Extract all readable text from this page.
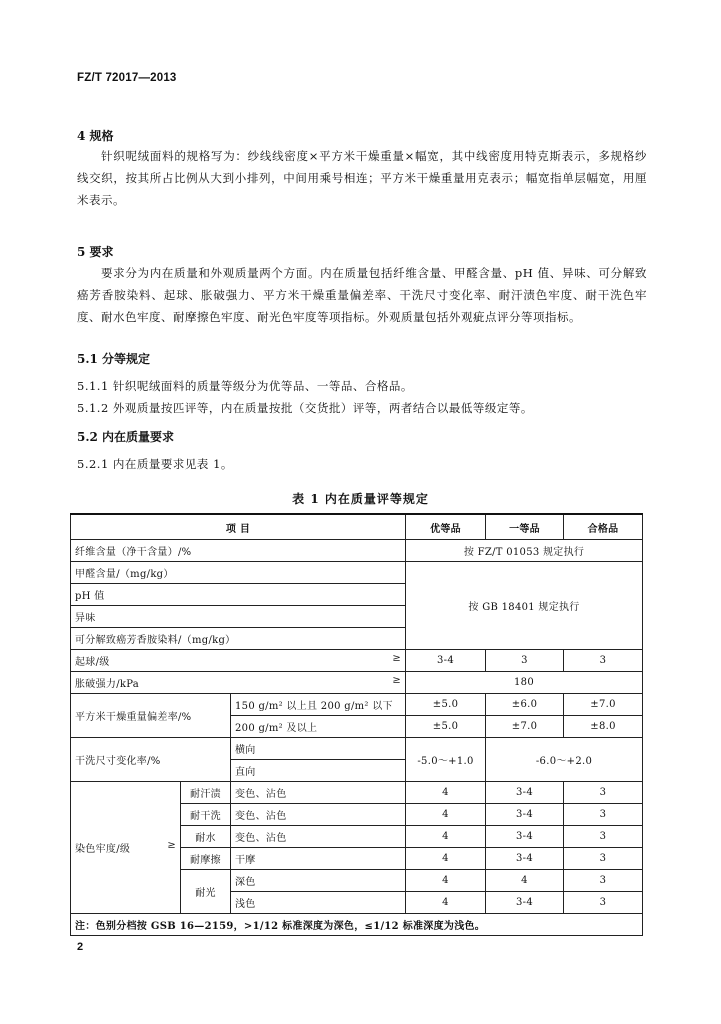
FZ/T 72017—2013
4 规格
针织呢绒面料的规格写为：纱线线密度×平方米干燥重量×幅宽，其中线密度用特克斯表示，多规格纱线交织，按其所占比例从大到小排列，中间用乘号相连；平方米干燥重量用克表示；幅宽指单层幅宽，用厘米表示。
5 要求
要求分为内在质量和外观质量两个方面。内在质量包括纤维含量、甲醛含量、pH 值、异味、可分解致癌芳香胺染料、起球、胀破强力、平方米干燥重量偏差率、干洗尺寸变化率、耐汗渍色牢度、耐干洗色牢度、耐水色牢度、耐摩擦色牢度、耐光色牢度等项指标。外观质量包括外观疵点评分等项指标。
5.1 分等规定
5.1.1 针织呢绒面料的质量等级分为优等品、一等品、合格品。
5.1.2 外观质量按匹评等，内在质量按批（交货批）评等，两者结合以最低等级定等。
5.2 内在质量要求
5.2.1 内在质量要求见表 1。
表 1 内在质量评等规定
项 目			优等品	一等品	合格品
纤维含量（净干含量）/%			按 FZ/T 01053 规定执行		
甲醛含量/（mg/kg）			按 GB 18401 规定执行		
pH 值					
异味					
可分解致癌芳香胺染料/（mg/kg）					
起球/级 ≥			3-4	3	3
胀破强力/kPa ≥			180		
平方米干燥重量偏差率/%		150 g/m² 以上且 200 g/m² 以下	±5.0	±6.0	±7.0
		200 g/m² 及以上	±5.0	±7.0	±8.0
干洗尺寸变化率/%		横向	-5.0～+1.0	-6.0～+2.0	
		直向			
染色牢度/级 ≥	耐汗渍	变色、沾色	4	3-4	3
	耐干洗	变色、沾色	4	3-4	3
	耐水	变色、沾色	4	3-4	3
	耐摩擦	干摩	4	3-4	3
	耐光	深色	4	4	3
		浅色	4	3-4	3
注：色别分档按 GSB 16—2159，>1/12 标准深度为深色，≤1/12 标准深度为浅色。					
2
